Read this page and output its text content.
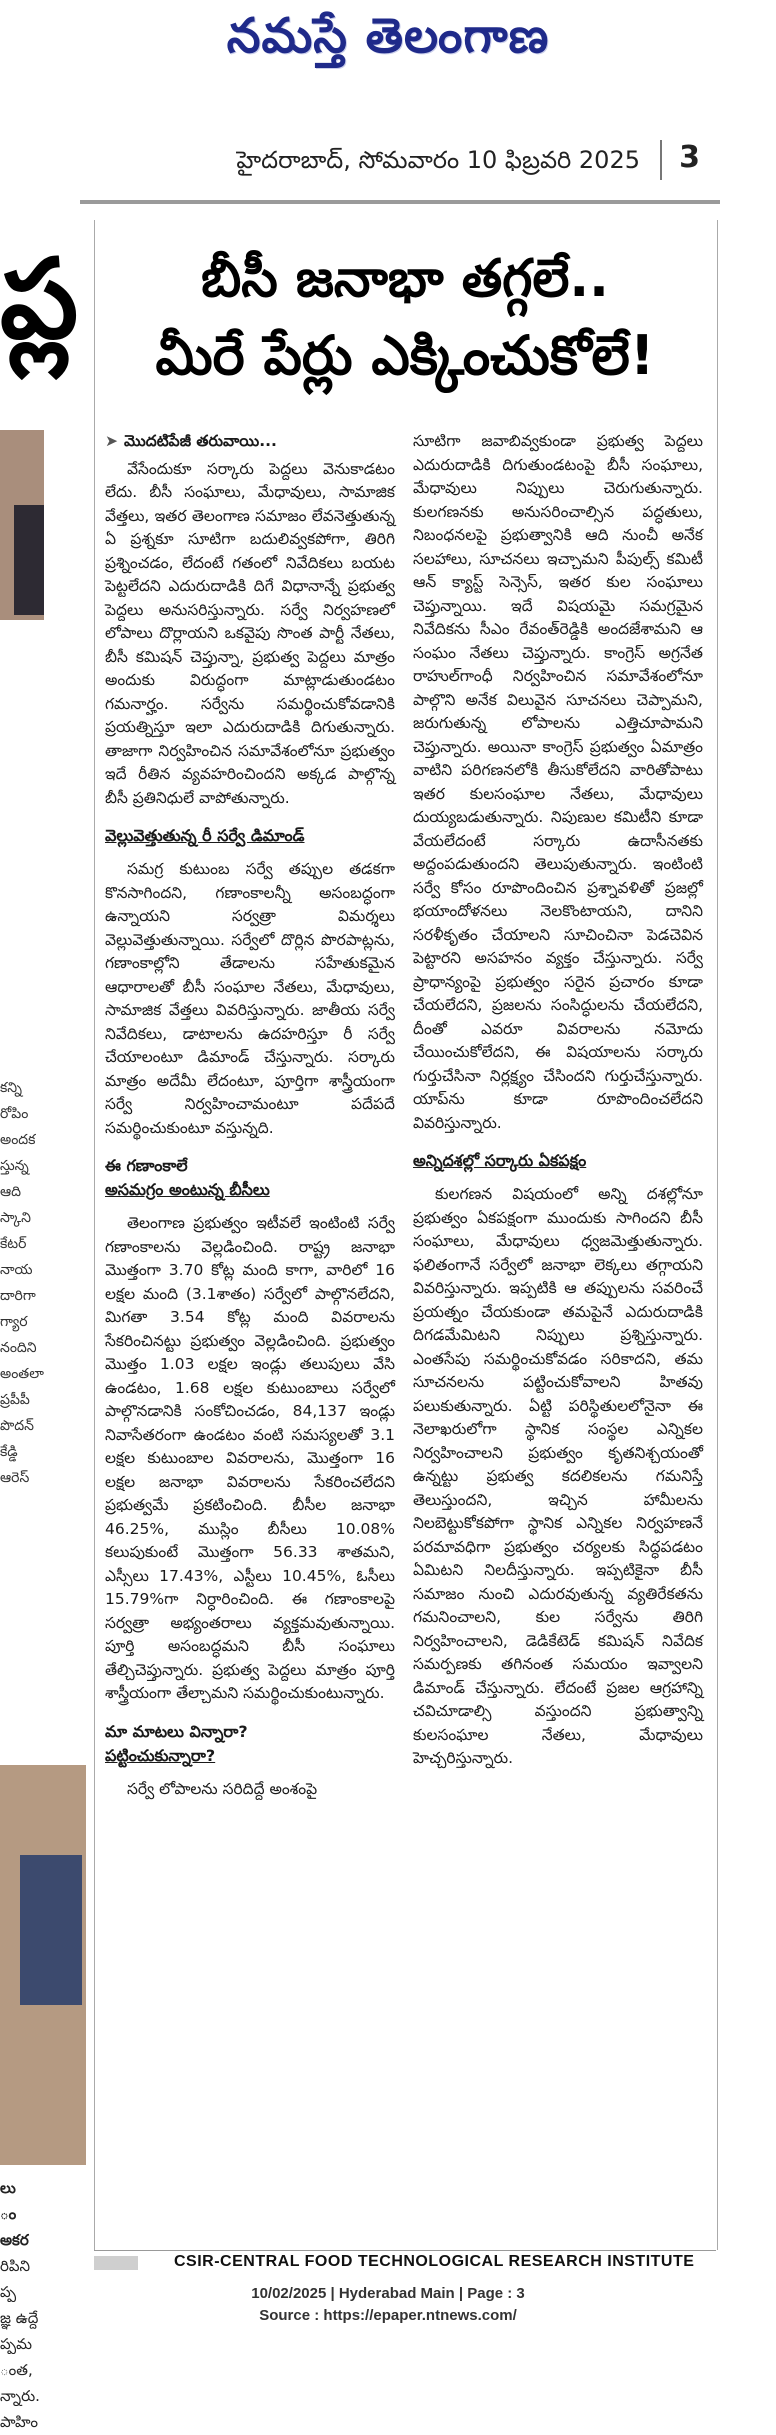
నమస్తే తెలంగాణ
హైదరాబాద్, సోమవారం 10 ఫిబ్రవరి 2025 3
ప్ల
కన్ని
రోపిం
అందక
స్తున్న
ఆది
స్కాని
కేటర్
నాయ
దారిగా
గ్యార
నందిని
అంతలా
ప్రపీపీ
పొదన్
కేడ్డి
ఆరెస్
లు
ం
అకర
రిపిని
ప్ప
జ్ఞ ఉద్దే
ప్పమ
ంత,
న్నారు.
పాహిం
బీసీ జనాభా తగ్గలే..
మీరే పేర్లు ఎక్కించుకోలే!
➤ మొదటిపేజీ తరువాయి...

వేసేందుకూ సర్కారు పెద్దలు వెనుకాడటం లేదు. బీసీ సంఘాలు, మేధావులు, సామాజిక వేత్తలు, ఇతర తెలంగాణ సమాజం లేవనెత్తుతున్న ఏ ప్రశ్నకూ సూటిగా బదులివ్వకపోగా, తిరిగి ప్రశ్నించడం, లేదంటే గతంలో నివేదికలు బయట పెట్టలేదని ఎదురుదాడికి దిగే విధానాన్నే ప్రభుత్వ పెద్దలు అనుసరిస్తున్నారు. సర్వే నిర్వహణలో లోపాలు దొర్లాయని ఒకవైపు సొంత పార్టీ నేతలు, బీసీ కమిషన్ చెప్తున్నా, ప్రభుత్వ పెద్దలు మాత్రం అందుకు విరుద్ధంగా మాట్లాడుతుండటం గమనార్హం. సర్వేను సమర్థించుకోవడానికి ప్రయత్నిస్తూ ఇలా ఎదురుదాడికి దిగుతున్నారు. తాజాగా నిర్వహించిన సమావేశంలోనూ ప్రభుత్వం ఇదే రీతిన వ్యవహరించిందని అక్కడ పాల్గొన్న బీసీ ప్రతినిధులే వాపోతున్నారు.

వెల్లువెత్తుతున్న రీ సర్వే డిమాండ్

సమగ్ర కుటుంబ సర్వే తప్పుల తడకగా కొనసాగిందని, గణాంకాలన్నీ అసంబద్ధంగా ఉన్నాయని సర్వత్రా విమర్శలు వెల్లువెత్తుతున్నాయి. సర్వేలో దొర్లిన పొరపాట్లను, గణాంకాల్లోని తేడాలను సహేతుకమైన ఆధారాలతో బీసీ సంఘాల నేతలు, మేధావులు, సామాజిక వేత్తలు వివరిస్తున్నారు. జాతీయ సర్వే నివేదికలు, డాటాలను ఉదహరిస్తూ రీ సర్వే చేయాలంటూ డిమాండ్ చేస్తున్నారు. సర్కారు మాత్రం అదేమీ లేదంటూ, పూర్తిగా శాస్త్రీయంగా సర్వే నిర్వహించామంటూ పదేపదే సమర్థించుకుంటూ వస్తున్నది.

ఈ గణాంకాలే
అసమగ్రం అంటున్న బీసీలు

తెలంగాణ ప్రభుత్వం ఇటీవలే ఇంటింటి సర్వే గణాంకాలను వెల్లడించింది. రాష్ట్ర జనాభా మొత్తంగా 3.70 కోట్ల మంది కాగా, వారిలో 16 లక్షల మంది (3.1శాతం) సర్వేలో పాల్గొనలేదని, మిగతా 3.54 కోట్ల మంది వివరాలను సేకరించినట్టు ప్రభుత్వం వెల్లడించింది. ప్రభుత్వం మొత్తం 1.03 లక్షల ఇండ్లు తలుపులు వేసి ఉండటం, 1.68 లక్షల కుటుంబాలు సర్వేలో పాల్గొనడానికి సంకోచించడం, 84,137 ఇండ్లు నివాసేతరంగా ఉండటం వంటి సమస్యలతో 3.1 లక్షల కుటుంబాల వివరాలను, మొత్తంగా 16 లక్షల జనాభా వివరాలను సేకరించలేదని ప్రభుత్వమే ప్రకటించింది. బీసీల జనాభా 46.25%, ముస్లిం బీసీలు 10.08% కలుపుకుంటే మొత్తంగా 56.33 శాతమని, ఎస్సీలు 17.43%, ఎస్టీలు 10.45%, ఓసీలు 15.79%గా నిర్ధారించింది. ఈ గణాంకాలపై సర్వత్రా అభ్యంతరాలు వ్యక్తమవుతున్నాయి. పూర్తి అసంబద్ధమని బీసీ సంఘాలు తేల్చిచెప్తున్నారు. ప్రభుత్వ పెద్దలు మాత్రం పూర్తి శాస్త్రీయంగా తేల్చామని సమర్థించుకుంటున్నారు.

మా మాటలు విన్నారా?
పట్టించుకున్నారా?

సర్వే లోపాలను సరిదిద్దే అంశంపై

సూటిగా జవాబివ్వకుండా ప్రభుత్వ పెద్దలు ఎదురుదాడికి దిగుతుండటంపై బీసీ సంఘాలు, మేధావులు నిప్పులు చెరుగుతున్నారు. కులగణనకు అనుసరించాల్సిన పద్ధతులు, నిబంధనలపై ప్రభుత్వానికి ఆది నుంచీ అనేక సలహాలు, సూచనలు ఇచ్చామని పీపుల్స్ కమిటీ ఆన్ క్యాస్ట్ సెన్సెస్, ఇతర కుల సంఘాలు చెప్తున్నాయి. ఇదే విషయమై సమగ్రమైన నివేదికను సీఎం రేవంత్‌రెడ్డికి అందజేశామని ఆ సంఘం నేతలు చెప్తున్నారు. కాంగ్రెస్ అగ్రనేత రాహుల్‌గాంధీ నిర్వహించిన సమావేశంలోనూ పాల్గొని అనేక విలువైన సూచనలు చెప్పామని, జరుగుతున్న లోపాలను ఎత్తిచూపామని చెప్తున్నారు. అయినా కాంగ్రెస్ ప్రభుత్వం ఏమాత్రం వాటిని పరిగణనలోకి తీసుకోలేదని వారితోపాటు ఇతర కులసంఘాల నేతలు, మేధావులు దుయ్యబడుతున్నారు. నిపుణుల కమిటీని కూడా వేయలేదంటే సర్కారు ఉదాసీనతకు అద్దంపడుతుందని తెలుపుతున్నారు. ఇంటింటి సర్వే కోసం రూపొందించిన ప్రశ్నావళితో ప్రజల్లో భయాందోళనలు నెలకొంటాయని, దానిని సరళీకృతం చేయాలని సూచించినా పెడచెవిన పెట్టారని అసహనం వ్యక్తం చేస్తున్నారు. సర్వే ప్రాధాన్యంపై ప్రభుత్వం సరైన ప్రచారం కూడా చేయలేదని, ప్రజలను సంసిద్ధులను చేయలేదని, దీంతో ఎవరూ వివరాలను నమోదు చేయించుకోలేదని, ఈ విషయాలను సర్కారు గుర్తుచేసినా నిర్లక్ష్యం చేసిందని గుర్తుచేస్తున్నారు. యాప్‌ను కూడా రూపొందించలేదని వివరిస్తున్నారు.

అన్నిదశల్లో సర్కారు ఏకపక్షం

కులగణన విషయంలో అన్ని దశల్లోనూ ప్రభుత్వం ఏకపక్షంగా ముందుకు సాగిందని బీసీ సంఘాలు, మేధావులు ధ్వజమెత్తుతున్నారు. ఫలితంగానే సర్వేలో జనాభా లెక్కలు తగ్గాయని వివరిస్తున్నారు. ఇప్పటికి ఆ తప్పులను సవరించే ప్రయత్నం చేయకుండా తమపైనే ఎదురుదాడికి దిగడమేమిటని నిప్పులు ప్రశ్నిస్తున్నారు. ఎంతసేపు సమర్థించుకోవడం సరికాదని, తమ సూచనలను పట్టించుకోవాలని హితవు పలుకుతున్నారు. ఏట్టి పరిస్థితులలోనైనా ఈ నెలాఖరులోగా స్థానిక సంస్థల ఎన్నికల నిర్వహించాలని ప్రభుత్వం కృతనిశ్చయంతో ఉన్నట్టు ప్రభుత్వ కదలికలను గమనిస్తే తెలుస్తుందని, ఇచ్చిన హామీలను నిలబెట్టుకోకపోగా స్థానిక ఎన్నికల నిర్వహణనే పరమావధిగా ప్రభుత్వం చర్యలకు సిద్ధపడటం ఏమిటని నిలదీస్తున్నారు. ఇప్పటికైనా బీసీ సమాజం నుంచి ఎదురవుతున్న వ్యతిరేకతను గమనించాలని, కుల సర్వేను తిరిగి నిర్వహించాలని, డెడికేటెడ్ కమిషన్ నివేదిక సమర్పణకు తగినంత సమయం ఇవ్వాలని డిమాండ్ చేస్తున్నారు. లేదంటే ప్రజల ఆగ్రహాన్ని చవిచూడాల్సి వస్తుందని ప్రభుత్వాన్ని కులసంఘాల నేతలు, మేధావులు హెచ్చరిస్తున్నారు.

CSIR-CENTRAL FOOD TECHNOLOGICAL RESEARCH INSTITUTE
10/02/2025 | Hyderabad Main | Page : 3
Source : https://epaper.ntnews.com/
